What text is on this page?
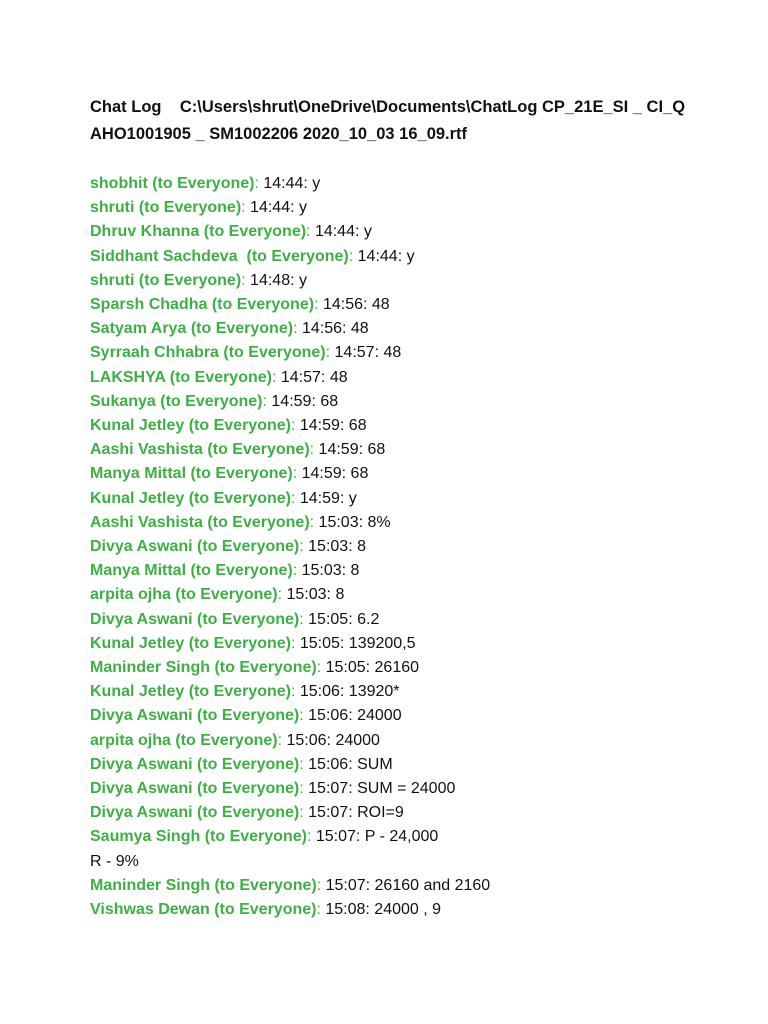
Chat Log C:\Users\shrut\OneDrive\Documents\ChatLog CP_21E_SI _ CI_QAHO1001905 _ SM1002206 2020_10_03 16_09.rtf
shobhit (to Everyone): 14:44: y
shruti (to Everyone): 14:44: y
Dhruv Khanna (to Everyone): 14:44: y
Siddhant Sachdeva  (to Everyone): 14:44: y
shruti (to Everyone): 14:48: y
Sparsh Chadha (to Everyone): 14:56: 48
Satyam Arya (to Everyone): 14:56: 48
Syrraah Chhabra (to Everyone): 14:57: 48
LAKSHYA (to Everyone): 14:57: 48
Sukanya (to Everyone): 14:59: 68
Kunal Jetley (to Everyone): 14:59: 68
Aashi Vashista (to Everyone): 14:59: 68
Manya Mittal (to Everyone): 14:59: 68
Kunal Jetley (to Everyone): 14:59: y
Aashi Vashista (to Everyone): 15:03: 8%
Divya Aswani (to Everyone): 15:03: 8
Manya Mittal (to Everyone): 15:03: 8
arpita ojha (to Everyone): 15:03: 8
Divya Aswani (to Everyone): 15:05: 6.2
Kunal Jetley (to Everyone): 15:05: 139200,5
Maninder Singh (to Everyone): 15:05: 26160
Kunal Jetley (to Everyone): 15:06: 13920*
Divya Aswani (to Everyone): 15:06: 24000
arpita ojha (to Everyone): 15:06: 24000
Divya Aswani (to Everyone): 15:06: SUM
Divya Aswani (to Everyone): 15:07: SUM = 24000
Divya Aswani (to Everyone): 15:07: ROI=9
Saumya Singh (to Everyone): 15:07: P - 24,000
R - 9%
Maninder Singh (to Everyone): 15:07: 26160 and 2160
Vishwas Dewan (to Everyone): 15:08: 24000 , 9
